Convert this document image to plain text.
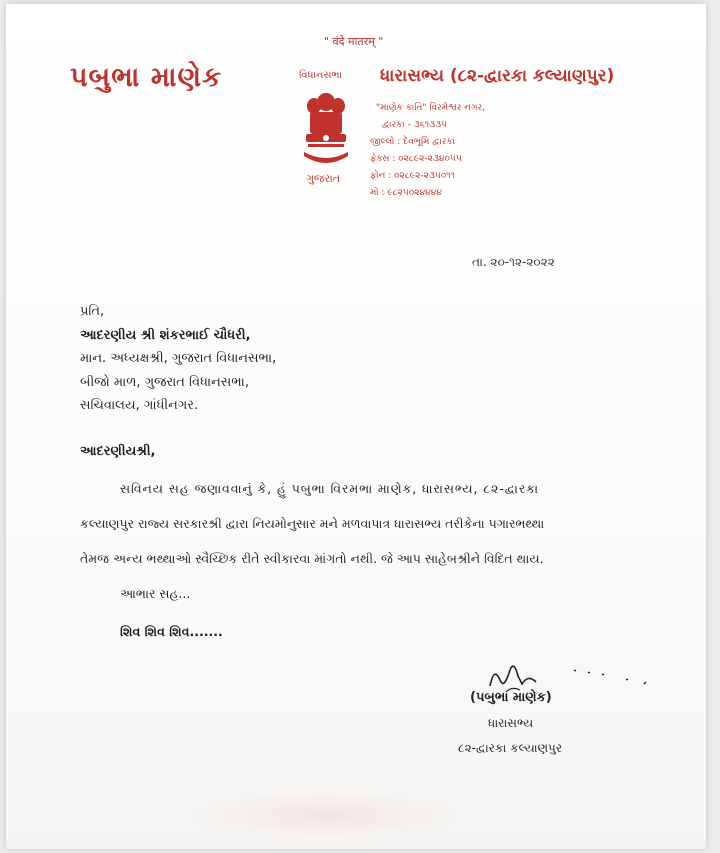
" वंदे मातरम् "
પબુભા માણેક	વિધાનસભા
ગુજરાત
ધારાસભ્ય (૮૨-દ્વારકા કલ્યાણપુર)
"માણેક કાતિ" વિરમેશ્વર નગર,
દ્વારકા - ૩૬૧૩૩૫
જીલ્લો : દેવભૂમિ દ્વારકા
ફેક્સ : ૦૨૮૯૨-૨૩૪૦૫૫
ફોન : ૦૨૮૯૨-૨૩૫૦૧૧
મો : ૯૮૨૫૦૨૪૪૪૪
તા. ૨૦-૧૨-૨૦૨૨
પ્રતિ,
આદરણીય શ્રી શંકરભાઈ ચૌધરી,
માન. અધ્યક્ષશ્રી, ગુજરાત વિધાનસભા,
બીજો માળ, ગુજરાત વિધાનસભા,
સચિવાલય, ગાંધીનગર.
આદરણીયશ્રી,
સવિનય સહ જણાવવાનું કે, હું પબુભા વિરમભા માણેક, ધારાસભ્ય, ૮૨-દ્વારકા
કલ્યાણપુર રાજ્ય સરકારશ્રી દ્વારા નિયમોનુસાર મને મળવાપાત્ર ધારાસભ્ય તરીકેના પગારભથ્થા
તેમજ અન્ય ભથ્થાઓ સ્વૈચ્છિક રીતે સ્વીકારવા માંગતો નથી. જે આપ સાહેબશ્રીને વિદિત થાય.
આભાર સહ...
શિવ શિવ શિવ.......
(પબુભા માણેક)
ધારાસભ્ય
૮૨-દ્વારકા કલ્યાણપુર
